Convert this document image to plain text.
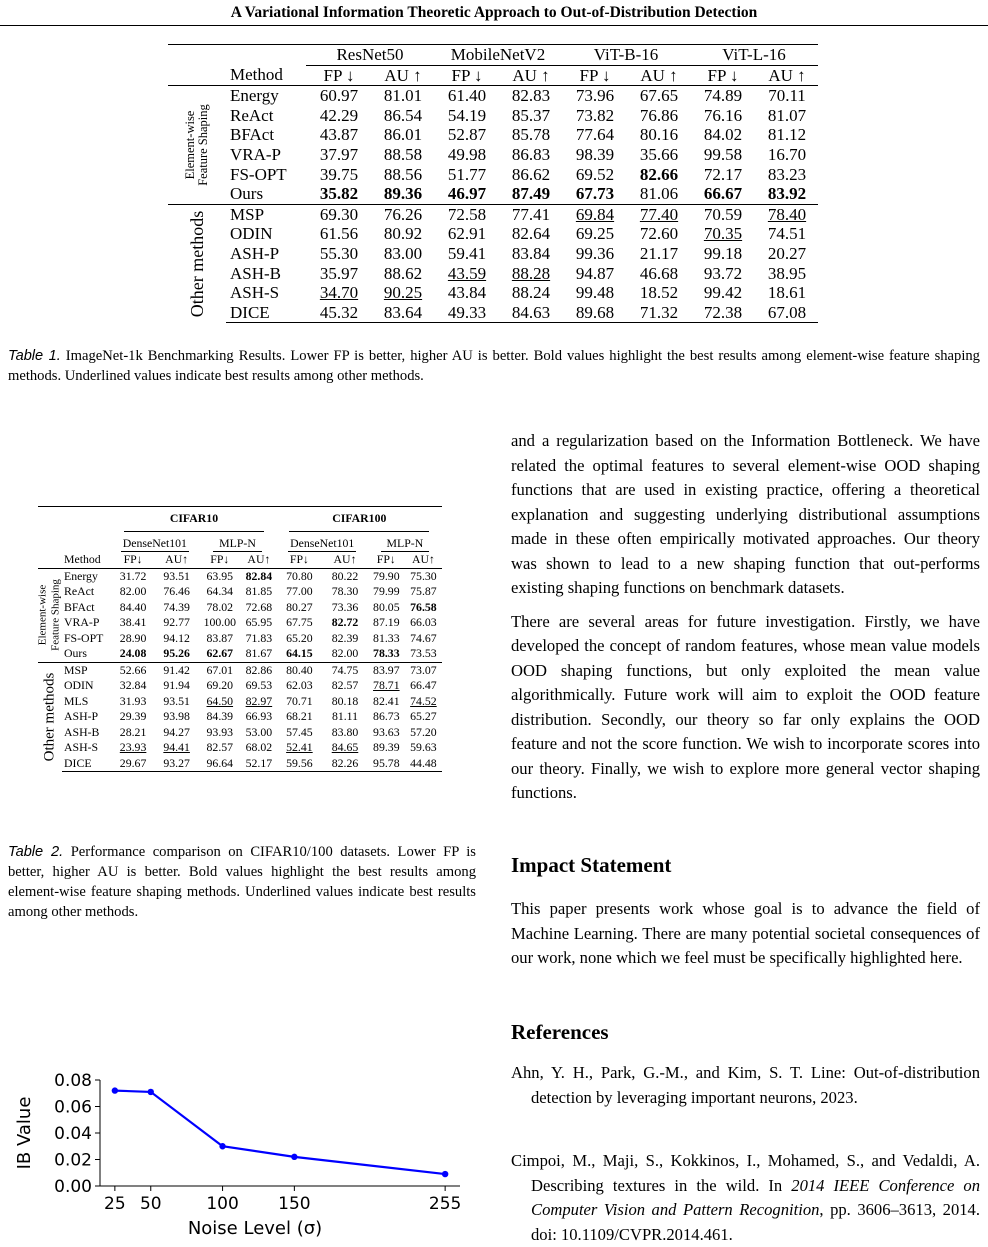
A Variational Information Theoretic Approach to Out-of-Distribution Detection
		ResNet50		MobileNetV2		ViT-B-16		ViT-L-16	
	Method	FP ↓	AU ↑	FP ↓	AU ↑	FP ↓	AU ↑	FP ↓	AU ↑

Element-wise Feature Shaping	Energy	60.97	81.01	61.40	82.83	73.96	67.65	74.89	70.11
	ReAct	42.29	86.54	54.19	85.37	73.82	76.86	76.16	81.07
	BFAct	43.87	86.01	52.87	85.78	77.64	80.16	84.02	81.12
	VRA-P	37.97	88.58	49.98	86.83	98.39	35.66	99.58	16.70
	FS-OPT	39.75	88.56	51.77	86.62	69.52	82.66	72.17	83.23
	Ours	35.82	89.36	46.97	87.49	67.73	81.06	66.67	83.92

Other methods	MSP	69.30	76.26	72.58	77.41	69.84	77.40	70.59	78.40
	ODIN	61.56	80.92	62.91	82.64	69.25	72.60	70.35	74.51
	ASH-P	55.30	83.00	59.41	83.84	99.36	21.17	99.18	20.27
	ASH-B	35.97	88.62	43.59	88.28	94.87	46.68	93.72	38.95
	ASH-S	34.70	90.25	43.84	88.24	99.48	18.52	99.42	18.61
	DICE	45.32	83.64	49.33	84.63	89.68	71.32	72.38	67.08
Table 1. ImageNet-1k Benchmarking Results. Lower FP is better, higher AU is better. Bold values highlight the best results among element-wise feature shaping methods. Underlined values indicate best results among other methods.
		CIFAR10				CIFAR100			
		DenseNet101		MLP-N		DenseNet101		MLP-N	
	Method	FP↓	AU↑	FP↓	AU↑	FP↓	AU↑	FP↓	AU↑

Element-wise Feature Shaping	Energy	31.72	93.51	63.95	82.84	70.80	80.22	79.90	75.30
	ReAct	82.00	76.46	64.34	81.85	77.00	78.30	79.99	75.87
	BFAct	84.40	74.39	78.02	72.68	80.27	73.36	80.05	76.58
	VRA-P	38.41	92.77	100.00	65.95	67.75	82.72	87.19	66.03
	FS-OPT	28.90	94.12	83.87	71.83	65.20	82.39	81.33	74.67
	Ours	24.08	95.26	62.67	81.67	64.15	82.00	78.33	73.53

Other methods	MSP	52.66	91.42	67.01	82.86	80.40	74.75	83.97	73.07
	ODIN	32.84	91.94	69.20	69.53	62.03	82.57	78.71	66.47
	MLS	31.93	93.51	64.50	82.97	70.71	80.18	82.41	74.52
	ASH-P	29.39	93.98	84.39	66.93	68.21	81.11	86.73	65.27
	ASH-B	28.21	94.27	93.93	53.00	57.45	83.80	93.63	57.20
	ASH-S	23.93	94.41	82.57	68.02	52.41	84.65	89.39	59.63
	DICE	29.67	93.27	96.64	52.17	59.56	82.26	95.78	44.48
Table 2. Performance comparison on CIFAR10/100 datasets. Lower FP is better, higher AU is better. Bold values highlight the best results among element-wise feature shaping methods. Underlined values indicate best results among other methods.

and a regularization based on the Information Bottleneck. We have related the optimal features to several element-wise OOD shaping functions that are used in existing practice, offering a theoretical explanation and suggesting underlying distributional assumptions made in these often empirically motivated approaches. Our theory was shown to lead to a new shaping function that out-performs existing shaping functions on benchmark datasets.

There are several areas for future investigation. Firstly, we have developed the concept of random features, whose mean value models OOD shaping functions, but only exploited the mean value algorithmically. Future work will aim to exploit the OOD feature distribution. Secondly, our theory so far only explains the OOD feature and not the score function. We wish to incorporate scores into our theory. Finally, we wish to explore more general vector shaping functions.

Impact Statement

This paper presents work whose goal is to advance the field of Machine Learning. There are many potential societal consequences of our work, none which we feel must be specifically highlighted here.

References
Ahn, Y. H., Park, G.-M., and Kim, S. T. Line: Out-of-distribution detection by leveraging important neurons, 2023.
Cimpoi, M., Maji, S., Kokkinos, I., Mohamed, S., and Vedaldi, A. Describing textures in the wild. In 2014 IEEE Conference on Computer Vision and Pattern Recognition, pp. 3606–3613, 2014. doi: 10.1109/CVPR.2014.461.
0.00
0.02
0.04
0.06
0.08
25 50	100 150	255
Noise Level (σ)
IB Value
